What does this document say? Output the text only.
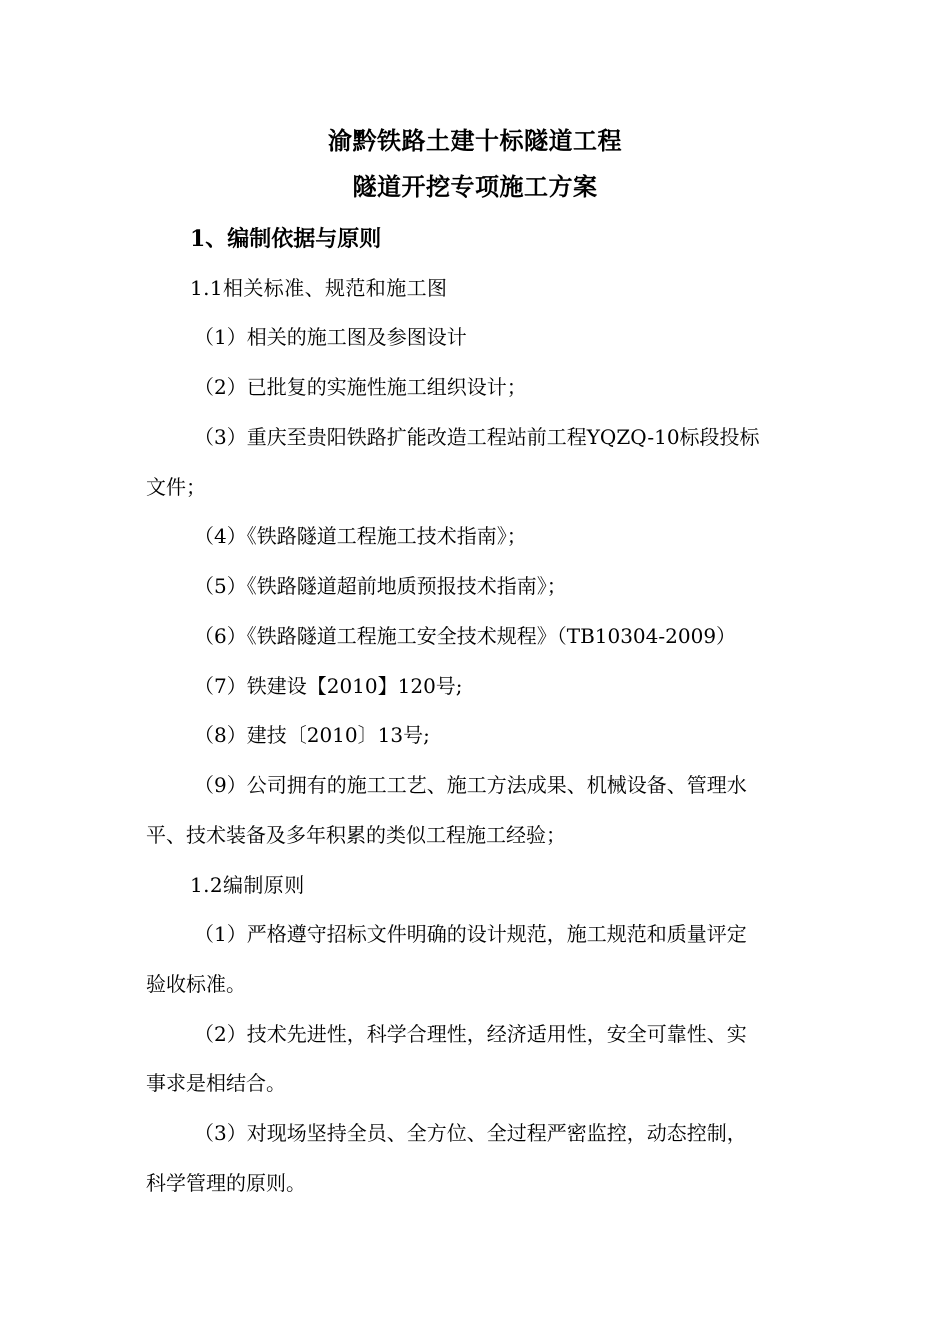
渝黔铁路土建十标隧道工程
隧道开挖专项施工方案
1、编制依据与原则
1.1相关标准、规范和施工图
（1）相关的施工图及参图设计
（2）已批复的实施性施工组织设计；
（3）重庆至贵阳铁路扩能改造工程站前工程YQZQ-10标段投标
文件；
（4）《铁路隧道工程施工技术指南》；
（5）《铁路隧道超前地质预报技术指南》；
（6）《铁路隧道工程施工安全技术规程》（TB10304-2009）
（7）铁建设【2010】120号;
（8）建技〔2010〕13号;
（9）公司拥有的施工工艺、施工方法成果、机械设备、管理水
平、技术装备及多年积累的类似工程施工经验；
1.2编制原则
（1）严格遵守招标文件明确的设计规范，施工规范和质量评定
验收标准。
（2）技术先进性，科学合理性，经济适用性，安全可靠性、实
事求是相结合。
（3）对现场坚持全员、全方位、全过程严密监控，动态控制，
科学管理的原则。
